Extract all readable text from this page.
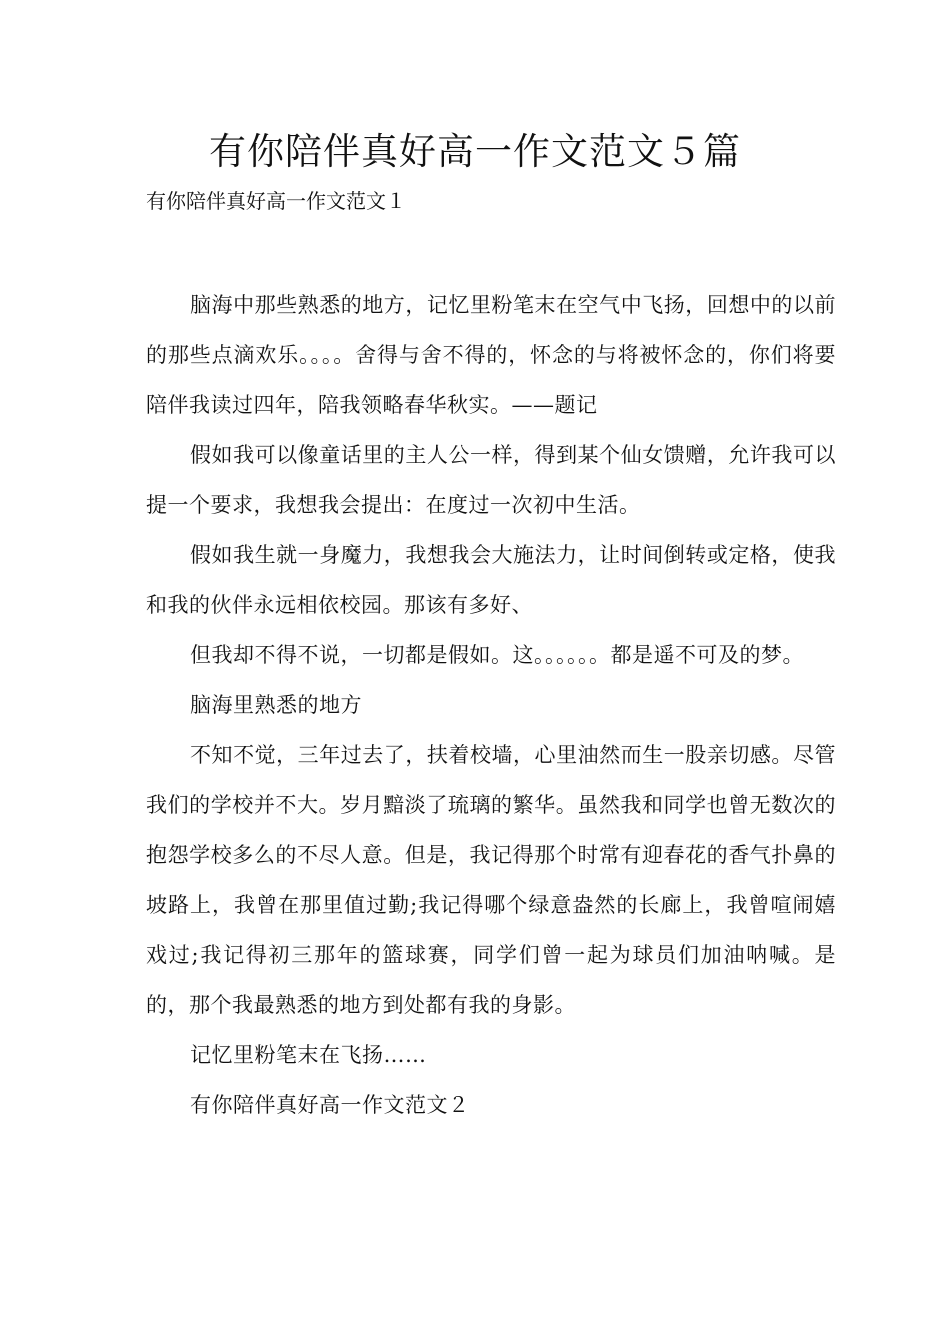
有你陪伴真好高一作文范文５篇

有你陪伴真好高一作文范文１

脑海中那些熟悉的地方，记忆里粉笔末在空气中飞扬，回想中的以前的那些点滴欢乐。。。。舍得与舍不得的，怀念的与将被怀念的，你们将要陪伴我读过四年，陪我领略春华秋实。——题记

假如我可以像童话里的主人公一样，得到某个仙女馈赠，允许我可以提一个要求，我想我会提出：在度过一次初中生活。

假如我生就一身魔力，我想我会大施法力，让时间倒转或定格，使我和我的伙伴永远相依校园。那该有多好、

但我却不得不说，一切都是假如。这。。。。。。都是遥不可及的梦。

脑海里熟悉的地方

不知不觉，三年过去了，扶着校墙，心里油然而生一股亲切感。尽管我们的学校并不大。岁月黯淡了琉璃的繁华。虽然我和同学也曾无数次的抱怨学校多么的不尽人意。但是，我记得那个时常有迎春花的香气扑鼻的坡路上，我曾在那里值过勤;我记得哪个绿意盎然的长廊上，我曾喧闹嬉戏过;我记得初三那年的篮球赛，同学们曾一起为球员们加油呐喊。是的，那个我最熟悉的地方到处都有我的身影。

记忆里粉笔末在飞扬……

有你陪伴真好高一作文范文２
